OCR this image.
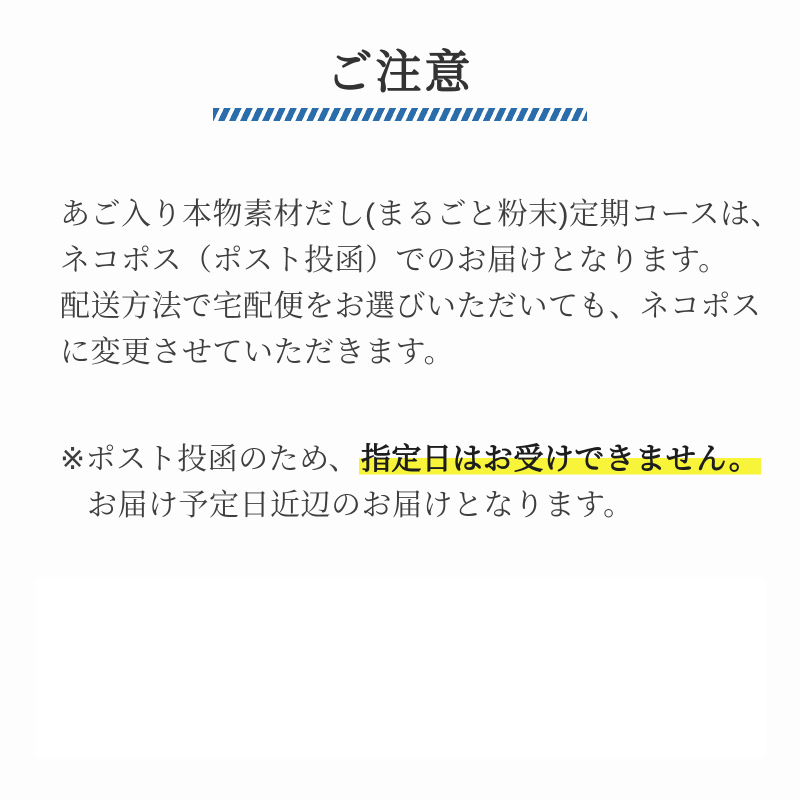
ご注意
あご入り本物素材だし(まるごと粉末)定期コースは、
ネコポス（ポスト投函）でのお届けとなります。
配送方法で宅配便をお選びいただいても、ネコポス
に変更させていただきます。
※ポスト投函のため、指定日はお受けできません。
お届け予定日近辺のお届けとなります。
